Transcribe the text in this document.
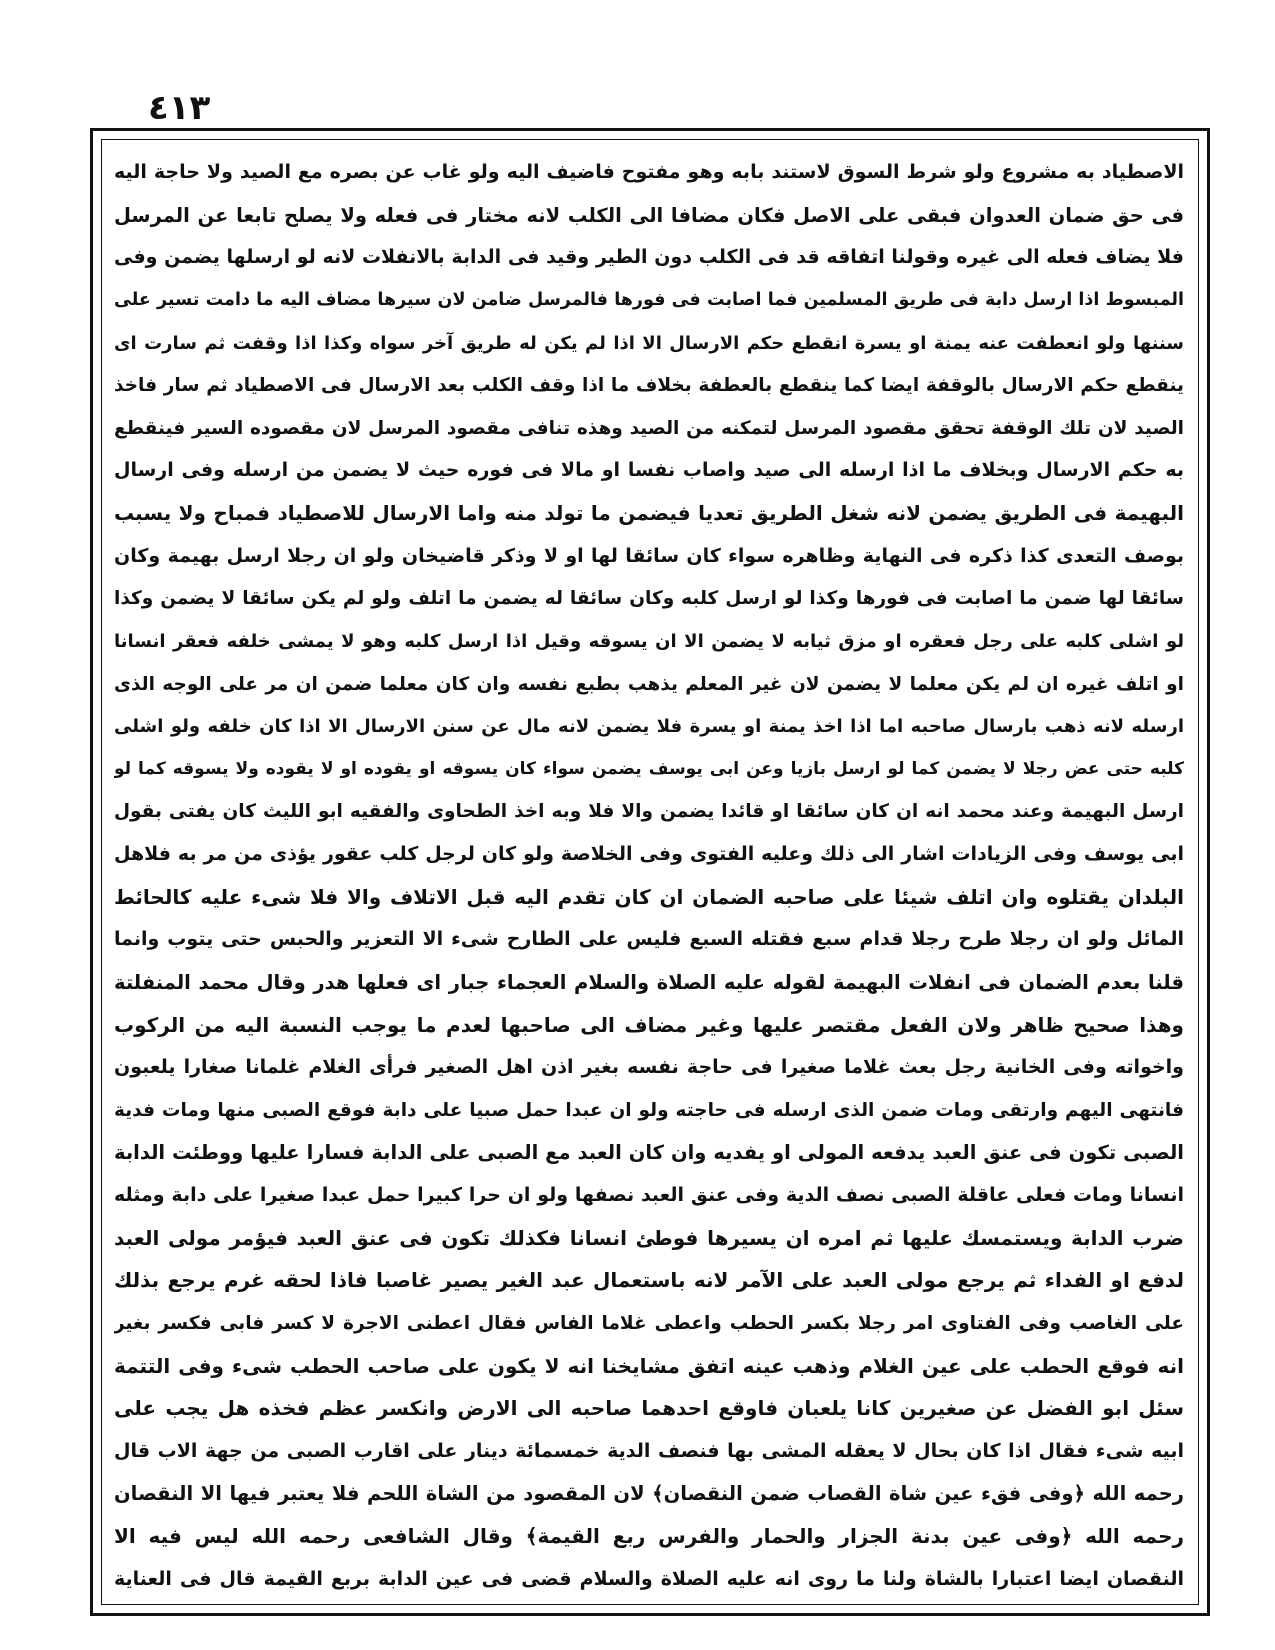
٤١٣
الاصطياد به مشروع ولو شرط السوق لاستند بابه وهو مفتوح فاضيف اليه ولو غاب عن بصره مع الصيد ولا حاجة اليه
فى حق ضمان العدوان فبقى على الاصل فكان مضافا الى الكلب لانه مختار فى فعله ولا يصلح تابعا عن المرسل
فلا يضاف فعله الى غيره وقولنا اتفاقه قد فى الكلب دون الطير وقيد فى الدابة بالانفلات لانه لو ارسلها يضمن وفى
المبسوط اذا ارسل دابة فى طريق المسلمين فما اصابت فى فورها فالمرسل ضامن لان سيرها مضاف اليه ما دامت تسير على
سننها ولو انعطفت عنه يمنة او يسرة انقطع حكم الارسال الا اذا لم يكن له طريق آخر سواه وكذا اذا وقفت ثم سارت اى
ينقطع حكم الارسال بالوقفة ايضا كما ينقطع بالعطفة بخلاف ما اذا وقف الكلب بعد الارسال فى الاصطياد ثم سار فاخذ
الصيد لان تلك الوقفة تحقق مقصود المرسل لتمكنه من الصيد وهذه تنافى مقصود المرسل لان مقصوده السير فينقطع
به حكم الارسال وبخلاف ما اذا ارسله الى صيد واصاب نفسا او مالا فى فوره حيث لا يضمن من ارسله وفى ارسال
البهيمة فى الطريق يضمن لانه شغل الطريق تعديا فيضمن ما تولد منه واما الارسال للاصطياد فمباح ولا يسبب
بوصف التعدى كذا ذكره فى النهاية وظاهره سواء كان سائقا لها او لا وذكر قاضيخان ولو ان رجلا ارسل بهيمة وكان
سائقا لها ضمن ما اصابت فى فورها وكذا لو ارسل كلبه وكان سائقا له يضمن ما اتلف ولو لم يكن سائقا لا يضمن وكذا
لو اشلى كلبه على رجل فعقره او مزق ثيابه لا يضمن الا ان يسوقه وقيل اذا ارسل كلبه وهو لا يمشى خلفه فعقر انسانا
او اتلف غيره ان لم يكن معلما لا يضمن لان غير المعلم يذهب بطبع نفسه وان كان معلما ضمن ان مر على الوجه الذى
ارسله لانه ذهب بارسال صاحبه اما اذا اخذ يمنة او يسرة فلا يضمن لانه مال عن سنن الارسال الا اذا كان خلفه ولو اشلى
كلبه حتى عض رجلا لا يضمن كما لو ارسل بازيا وعن ابى يوسف يضمن سواء كان يسوقه او يقوده او لا يقوده ولا يسوقه كما لو
ارسل البهيمة وعند محمد انه ان كان سائقا او قائدا يضمن والا فلا وبه اخذ الطحاوى والفقيه ابو الليث كان يفتى بقول
ابى يوسف وفى الزيادات اشار الى ذلك وعليه الفتوى وفى الخلاصة ولو كان لرجل كلب عقور يؤذى من مر به فلاهل
البلدان يقتلوه وان اتلف شيئا على صاحبه الضمان ان كان تقدم اليه قبل الاتلاف والا فلا شىء عليه كالحائط
المائل ولو ان رجلا طرح رجلا قدام سبع فقتله السبع فليس على الطارح شىء الا التعزير والحبس حتى يتوب وانما
قلنا بعدم الضمان فى انفلات البهيمة لقوله عليه الصلاة والسلام العجماء جبار اى فعلها هدر وقال محمد المنفلتة
وهذا صحيح ظاهر ولان الفعل مقتصر عليها وغير مضاف الى صاحبها لعدم ما يوجب النسبة اليه من الركوب
واخواته وفى الخانية رجل بعث غلاما صغيرا فى حاجة نفسه بغير اذن اهل الصغير فرأى الغلام غلمانا صغارا يلعبون
فانتهى اليهم وارتقى ومات ضمن الذى ارسله فى حاجته ولو ان عبدا حمل صبيا على دابة فوقع الصبى منها ومات فدية
الصبى تكون فى عنق العبد يدفعه المولى او يفديه وان كان العبد مع الصبى على الدابة فسارا عليها ووطئت الدابة
انسانا ومات فعلى عاقلة الصبى نصف الدية وفى عنق العبد نصفها ولو ان حرا كبيرا حمل عبدا صغيرا على دابة ومثله
ضرب الدابة ويستمسك عليها ثم امره ان يسيرها فوطئ انسانا فكذلك تكون فى عنق العبد فيؤمر مولى العبد
لدفع او الفداء ثم يرجع مولى العبد على الآمر لانه باستعمال عبد الغير يصير غاصبا فاذا لحقه غرم يرجع بذلك
على الغاصب وفى الفتاوى امر رجلا بكسر الحطب واعطى غلاما الفاس فقال اعطنى الاجرة لا كسر فابى فكسر بغير
انه فوقع الحطب على عين الغلام وذهب عينه اتفق مشايخنا انه لا يكون على صاحب الحطب شىء وفى التتمة
سئل ابو الفضل عن صغيرين كانا يلعبان فاوقع احدهما صاحبه الى الارض وانكسر عظم فخذه هل يجب على
ابيه شىء فقال اذا كان بحال لا يعقله المشى بها فنصف الدية خمسمائة دينار على اقارب الصبى من جهة الاب قال
رحمه الله ﴿وفى فقء عين شاة القصاب ضمن النقصان﴾ لان المقصود من الشاة اللحم فلا يعتبر فيها الا النقصان
رحمه الله ﴿وفى عين بدنة الجزار والحمار والفرس ربع القيمة﴾ وقال الشافعى رحمه الله ليس فيه الا
النقصان ايضا اعتبارا بالشاة ولنا ما روى انه عليه الصلاة والسلام قضى فى عين الدابة بربع القيمة قال فى العناية
